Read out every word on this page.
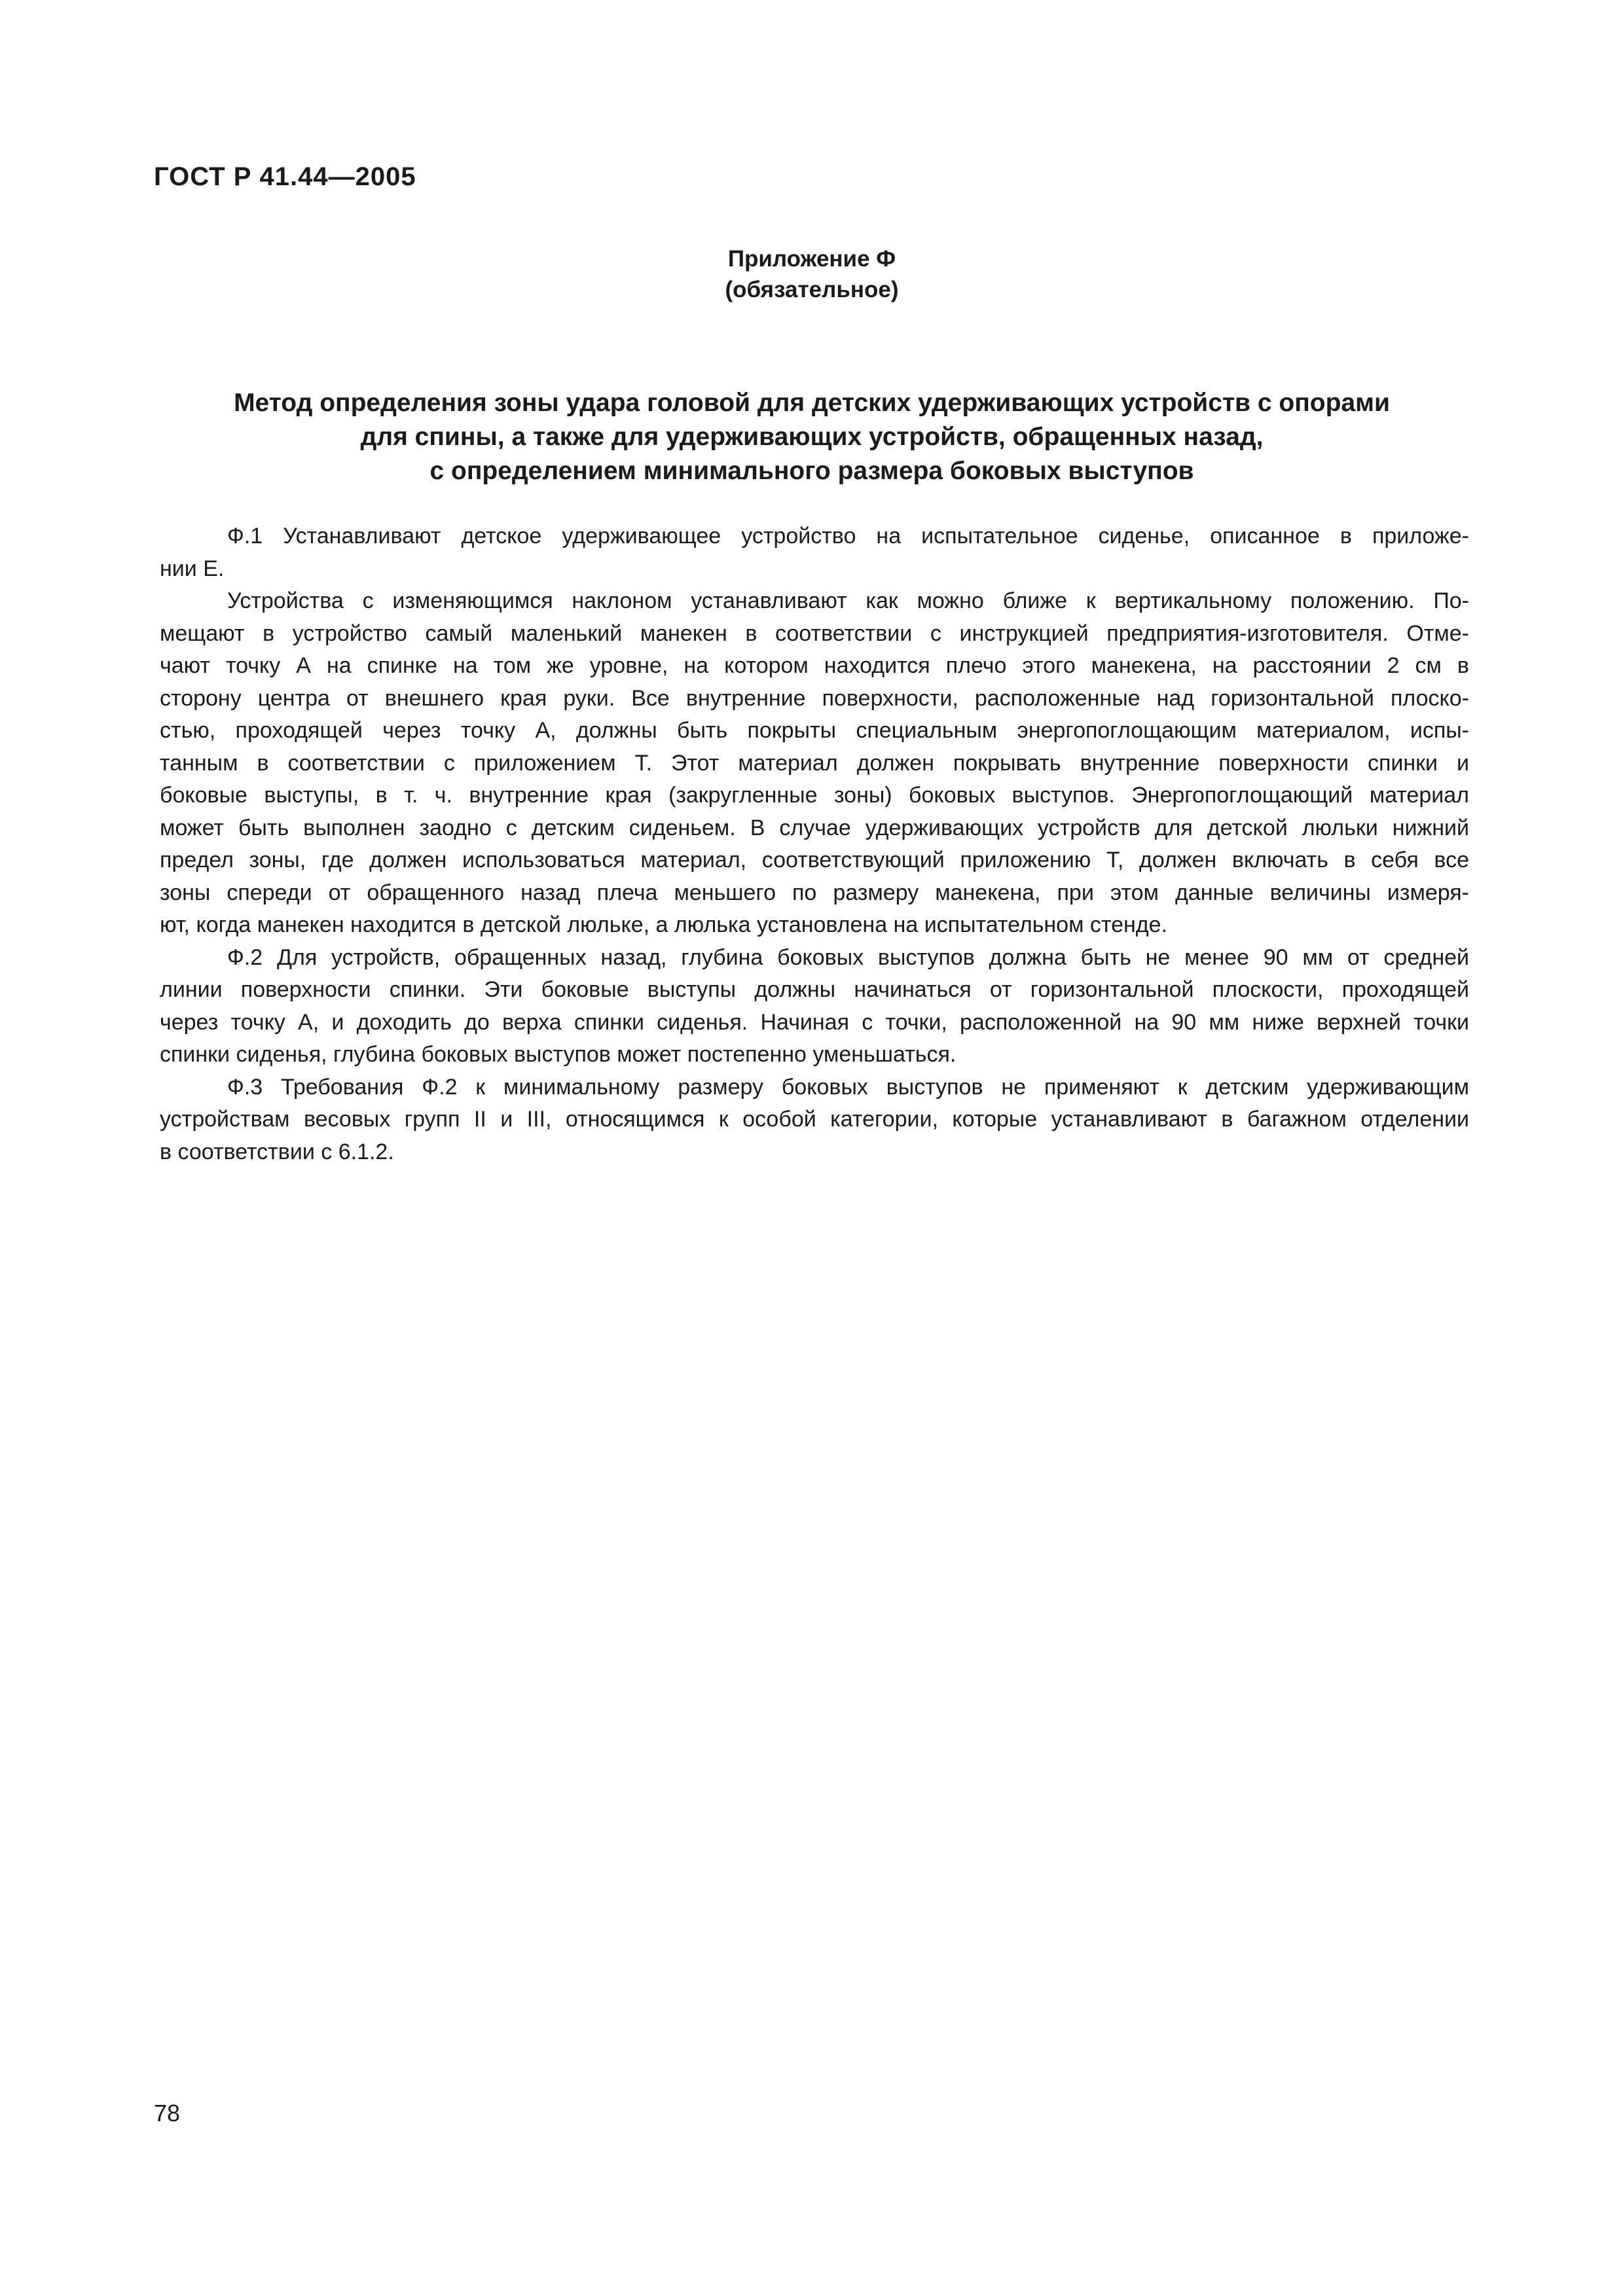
ГОСТ Р 41.44—2005
Приложение Ф
(обязательное)
Метод определения зоны удара головой для детских удерживающих устройств с опорами
для спины, а также для удерживающих устройств, обращенных назад,
с определением минимального размера боковых выступов
Ф.1 Устанавливают детское удерживающее устройство на испытательное сиденье, описанное в приложе-
нии Е.
Устройства с изменяющимся наклоном устанавливают как можно ближе к вертикальному положению. По-
мещают в устройство самый маленький манекен в соответствии с инструкцией предприятия-изготовителя. Отме-
чают точку А на спинке на том же уровне, на котором находится плечо этого манекена, на расстоянии 2 см в
сторону центра от внешнего края руки. Все внутренние поверхности, расположенные над горизонтальной плоско-
стью, проходящей через точку А, должны быть покрыты специальным энергопоглощающим материалом, испы-
танным в соответствии с приложением Т. Этот материал должен покрывать внутренние поверхности спинки и
боковые выступы, в т. ч. внутренние края (закругленные зоны) боковых выступов. Энергопоглощающий материал
может быть выполнен заодно с детским сиденьем. В случае удерживающих устройств для детской люльки нижний
предел зоны, где должен использоваться материал, соответствующий приложению Т, должен включать в себя все
зоны спереди от обращенного назад плеча меньшего по размеру манекена, при этом данные величины измеря-
ют, когда манекен находится в детской люльке, а люлька установлена на испытательном стенде.
Ф.2 Для устройств, обращенных назад, глубина боковых выступов должна быть не менее 90 мм от средней
линии поверхности спинки. Эти боковые выступы должны начинаться от горизонтальной плоскости, проходящей
через точку А, и доходить до верха спинки сиденья. Начиная с точки, расположенной на 90 мм ниже верхней точки
спинки сиденья, глубина боковых выступов может постепенно уменьшаться.
Ф.3 Требования Ф.2 к минимальному размеру боковых выступов не применяют к детским удерживающим
устройствам весовых групп II и III, относящимся к особой категории, которые устанавливают в багажном отделении
в соответствии с 6.1.2.
78
